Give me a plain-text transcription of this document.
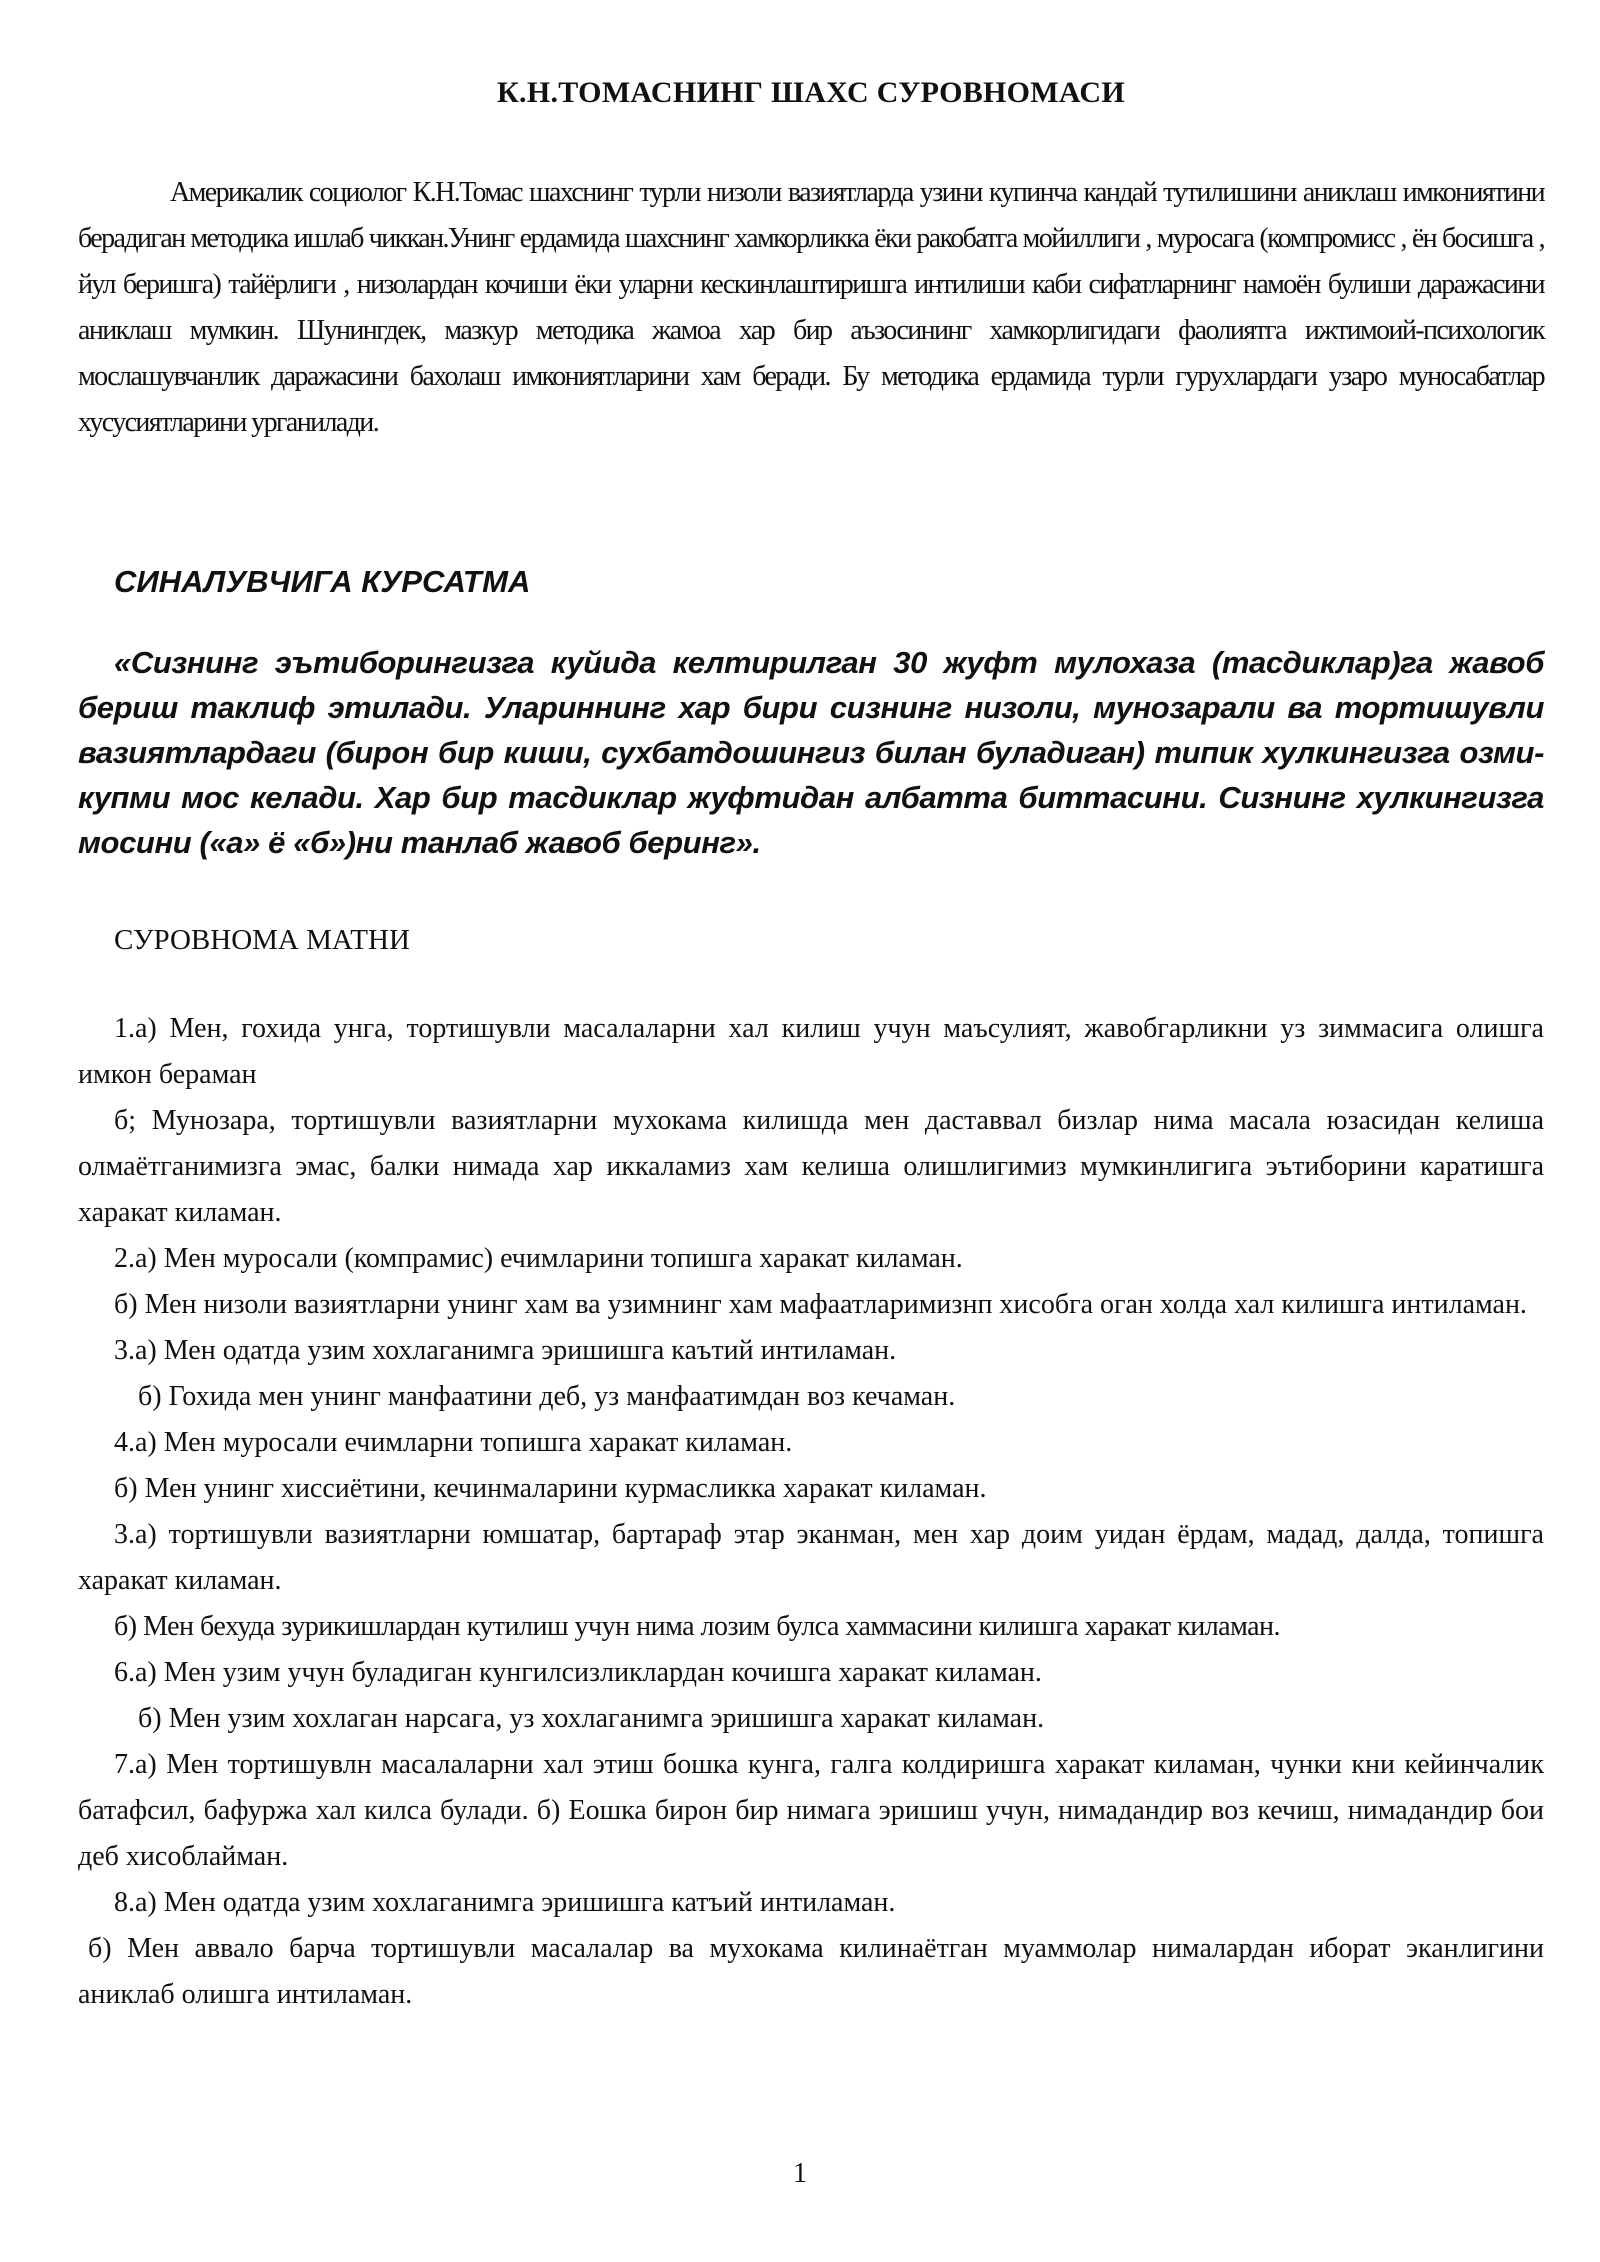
К.Н.ТОМАСНИНГ ШАХС СУРОВНОМАСИ

Америкалик социолог К.Н.Томас шахснинг турли низоли вазиятларда узини купинча кандай тутилишини аниклаш имкониятини берадиган методика ишлаб чиккан.Унинг ердамида шахснинг хамкорликка ёки ракобатга мойиллиги , муросага (компромисс , ён босишга , йул беришга) тайёрлиги , низолардан кочиши ёки уларни кескинлаштиришга интилиши каби сифатларнинг намоён булиши даражасини аниклаш мумкин. Шунингдек, мазкур методика жамоа хар бир аъзосининг хамкорлигидаги фаолиятга ижтимоий-психологик мослашувчанлик даражасини бахолаш имкониятларини хам беради. Бу методика ердамида турли гурухлардаги узаро муносабатлар хусусиятларини урганилади.

СИНАЛУВЧИГА КУРСАТМА

«Сизнинг эътиборингизга куйида келтирилган 30 жуфт мулохаза (тасдиклар)га жавоб бериш таклиф этилади. Улариннинг хар бири сизнинг низоли, мунозарали ва тортишувли вазиятлардаги (бирон бир киши, сухбатдошингиз билан буладиган) типик хулкингизга озми-купми мос келади. Хар бир тасдиклар жуфтидан албатта биттасини. Сизнинг хулкингизга мосини («а» ё «б»)ни танлаб жавоб беринг».

СУРОВНОМА МАТНИ

1.а) Мен, гохида унга, тортишувли масалаларни хал килиш учун маъсулият, жавобгарликни уз зиммасига олишга имкон бераман

б; Мунозара, тортишувли вазиятларни мухокама килишда мен даставвал бизлар нима масала юзасидан келиша олмаётганимизга эмас, балки нимада хар иккаламиз хам келиша олишлигимиз мумкинлигига эътиборини каратишга харакат киламан.

2.а) Мен муросали (компрамис) ечимларини топишга харакат киламан.

б) Мен низоли вазиятларни унинг хам ва узимнинг хам мафаатларимизнп хисобга оган холда хал килишга интиламан.

3.а) Мен одатда узим хохлаганимга эришишга каътий интиламан.

б) Гохида мен унинг манфаатини деб, уз манфаатимдан воз кечаман.

4.а) Мен муросали ечимларни топишга харакат киламан.

б) Мен унинг хиссиётини, кечинмаларини курмасликка харакат киламан.

3.а) тортишувли вазиятларни юмшатар, бартараф этар эканман, мен хар доим уидан ёрдам, мадад, далда, топишга харакат киламан.

б) Мен бехуда зурикишлардан кутилиш учун нима лозим булса хаммасини килишга харакат киламан.

6.а) Мен узим учун буладиган кунгилсизликлардан кочишга харакат киламан.

б) Мен узим хохлаган нарсага, уз хохлаганимга эришишга харакат киламан.

7.а) Мен тортишувлн масалаларни хал этиш бошка кунга, галга колдиришга харакат киламан, чунки кни кейинчалик батафсил, бафуржа хал килса булади. б) Еошка бирон бир нимага эришиш учун, нимадандир воз кечиш, нимадандир бои деб хисоблайман.

8.а) Мен одатда узим хохлаганимга эришишга катъий интиламан.

б) Мен аввало барча тортишувли масалалар ва мухокама килинаётган муаммолар нималардан иборат эканлигини аниклаб олишга интиламан.

1
